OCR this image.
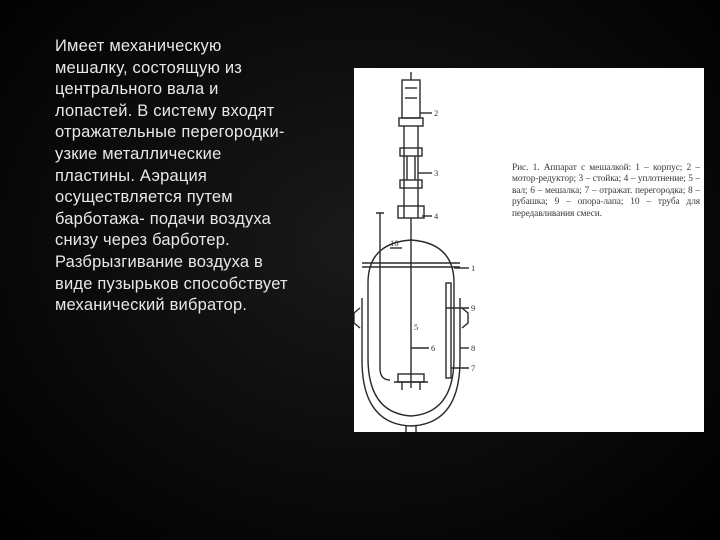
Имеет механическую мешалку, состоящую из центрального вала и лопастей. В систему входят отражательные перегородки- узкие металлические пластины. Аэрация осуществляется путем барботажа- подачи воздуха снизу через барботер. Разбрызгивание воздуха в виде пузырьков способствует механический вибратор.
2
3
4
10
1
9
8
7
6
5
Рис. 1. Аппарат с мешалкой: 1 – корпус; 2 – мотор-редуктор; 3 – стойка; 4 – уплотнение; 5 – вал; 6 – мешалка; 7 – отражат. перегородка; 8 – рубашка; 9 – опора-лапа; 10 – труба для передавливания смеси.
